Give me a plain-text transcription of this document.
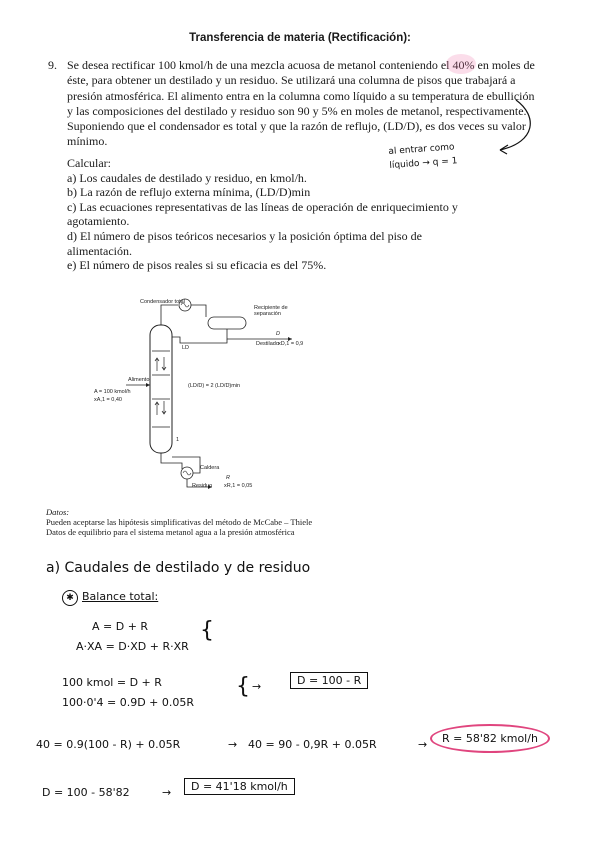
Transferencia de materia (Rectificación):
9. Se desea rectificar 100 kmol/h de una mezcla acuosa de metanol conteniendo el 40% en moles de
éste, para obtener un destilado y un residuo. Se utilizará una columna de pisos que trabajará a
presión atmosférica. El alimento entra en la columna como líquido a su temperatura de ebullición
y las composiciones del destilado y residuo son 90 y 5% en moles de metanol, respectivamente.
Suponiendo que el condensador es total y que la razón de reflujo, (LD/D), es dos veces su valor
mínimo.
Calcular:
a) Los caudales de destilado y residuo, en kmol/h.
b) La razón de reflujo externa mínima, (LD/D)min
c) Las ecuaciones representativas de las líneas de operación de enriquecimiento y
agotamiento.
d) El número de pisos teóricos necesarios y la posición óptima del piso de
alimentación.
e) El número de pisos reales si su eficacia es del 75%.
al entrar como
líquido → q = 1
Condensador total
Recipiente de separación
D
Destilado xD,1 = 0,9
LD
Alimento
A = 100 kmol/h
xA,1 = 0,40
(LD/D) = 2 (LD/D)min
1
Caldera
Residuo
R
xR,1 = 0,05
Datos:
Pueden aceptarse las hipótesis simplificativas del método de McCabe – Thiele
Datos de equilibrio para el sistema metanol agua a la presión atmosférica
a) Caudales de destilado y de residuo
✱ Balance total:
A = D + R
A·XA = D·XD + R·XR
{
100 kmol = D + R
100·0'4 = 0.9D + 0.05R
{ →	D = 100 - R
40 = 0.9(100 - R) + 0.05R	→ 40 = 90 - 0,9R + 0.05R	→	R = 58'82 kmol/h
D = 100 - 58'82	→	D = 41'18 kmol/h
